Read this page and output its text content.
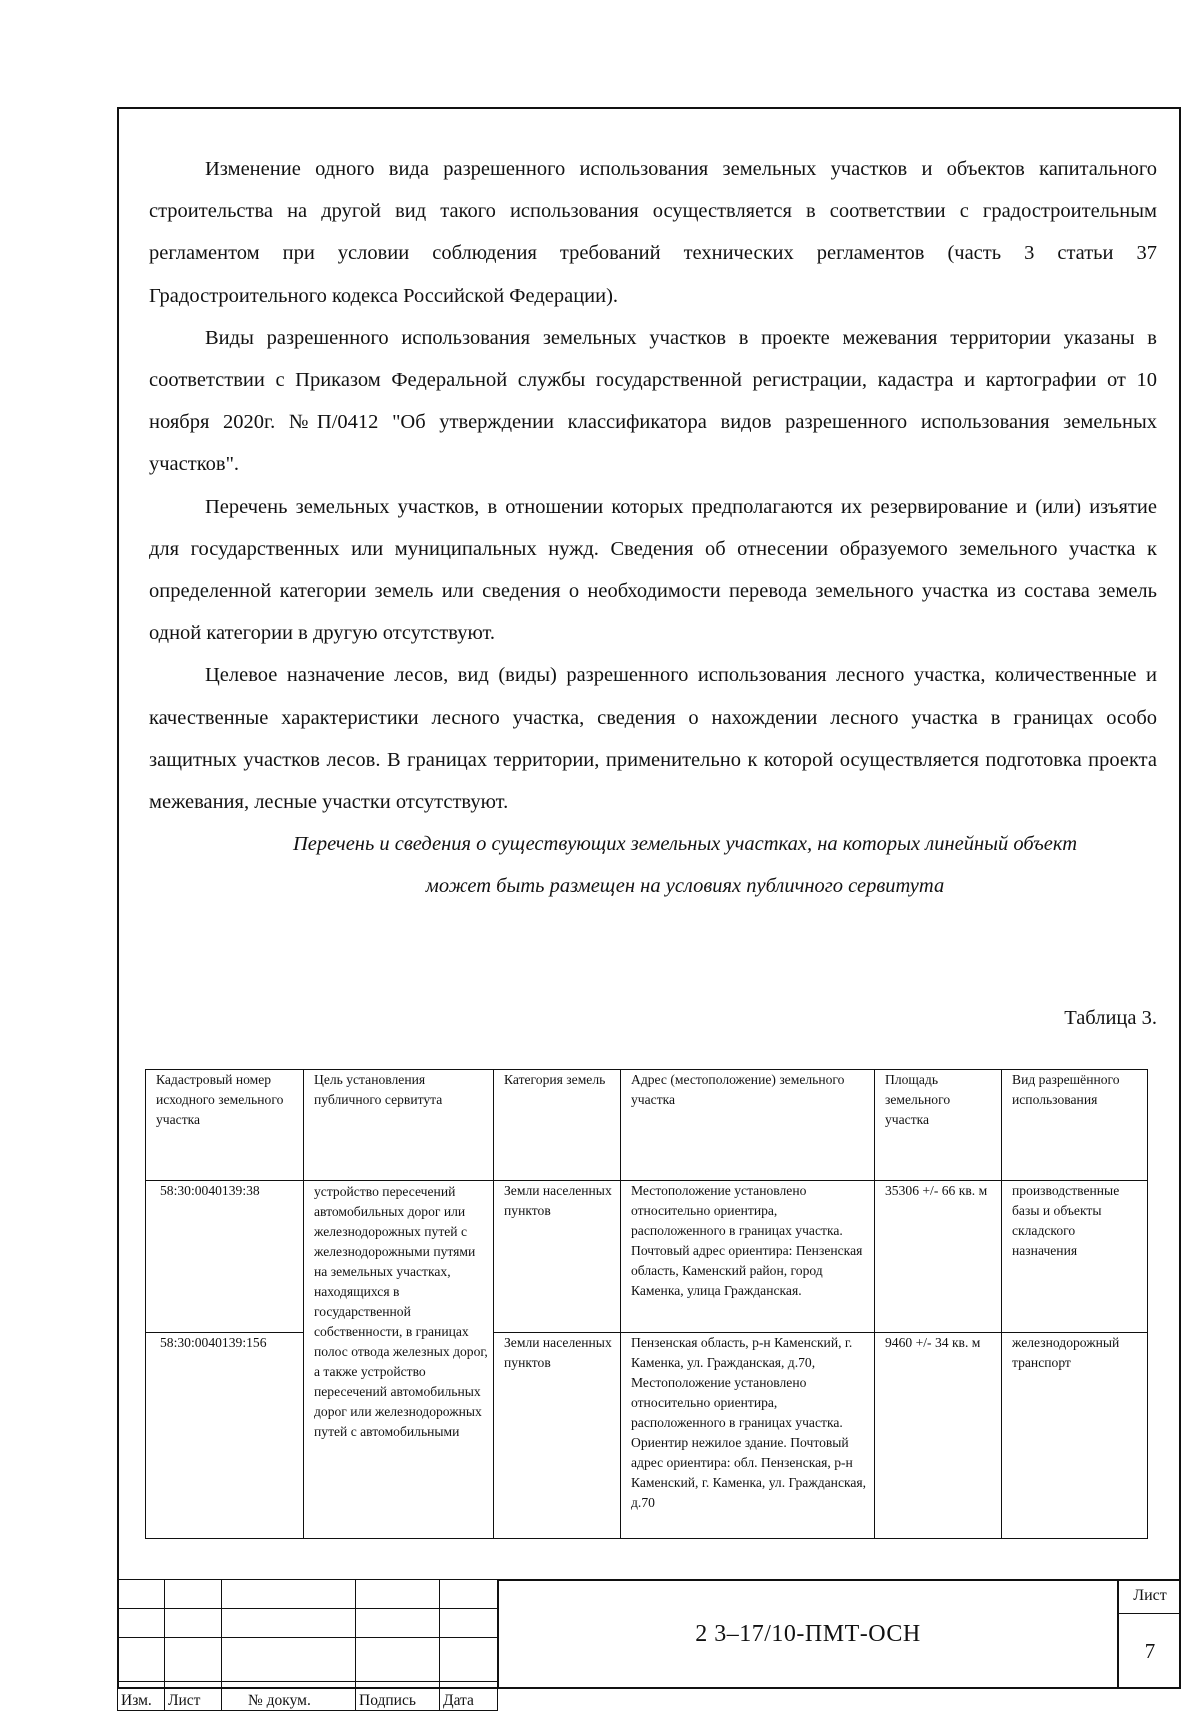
Изменение одного вида разрешенного использования земельных участков и объектов капитального строительства на другой вид такого использования осуществляется в соответствии с градостроительным регламентом при условии соблюдения требований технических регламентов (часть 3 статьи 37 Градостроительного кодекса Российской Федерации).

Виды разрешенного использования земельных участков в проекте межевания территории указаны в соответствии с Приказом Федеральной службы государственной регистрации, кадастра и картографии от 10 ноября 2020г. №П/0412 "Об утверждении классификатора видов разрешенного использования земельных участков".

Перечень земельных участков, в отношении которых предполагаются их резервирование и (или) изъятие для государственных или муниципальных нужд. Сведения об отнесении образуемого земельного участка к определенной категории земель или сведения о необходимости перевода земельного участка из состава земель одной категории в другую отсутствуют.

Целевое назначение лесов, вид (виды) разрешенного использования лесного участка, количественные и качественные характеристики лесного участка, сведения о нахождении лесного участка в границах особо защитных участков лесов. В границах территории, применительно к которой осуществляется подготовка проекта межевания, лесные участки отсутствуют.

Перечень и сведения о существующих земельных участках, на которых линейный объект
может быть размещен на условиях публичного сервитута

Таблица 3.
Кадастровый номер исходного земельного участка	Цель установления публичного сервитута	Категория земель	Адрес (местоположение) земельного участка	Площадь земельного участка	Вид разрешённого использования
58:30:0040139:38	устройство пересечений автомобильных дорог или железнодорожных путей с железнодорожными путями на земельных участках, находящихся в государственной собственности, в границах полос отвода железных дорог, а также устройство пересечений автомобильных дорог или железнодорожных путей с автомобильными	Земли населенных пунктов	Местоположение установлено относительно ориентира, расположенного в границах участка. Почтовый адрес ориентира: Пензенская область, Каменский район, город Каменка, улица Гражданская.	35306 +/- 66 кв. м	производственные базы и объекты складского назначения
58:30:0040139:156		Земли населенных пунктов	Пензенская область, р-н Каменский, г. Каменка, ул. Гражданская, д.70, Местоположение установлено относительно ориентира, расположенного в границах участка. Ориентир нежилое здание. Почтовый адрес ориентира: обл. Пензенская, р-н Каменский, г. Каменка, ул. Гражданская, д.70	9460 +/- 34 кв. м	железнодорожный транспорт

Изм.	Лист	№ докум.	Подпись	Дата
2 3–17/10-ПМТ-ОСН
Лист
7
